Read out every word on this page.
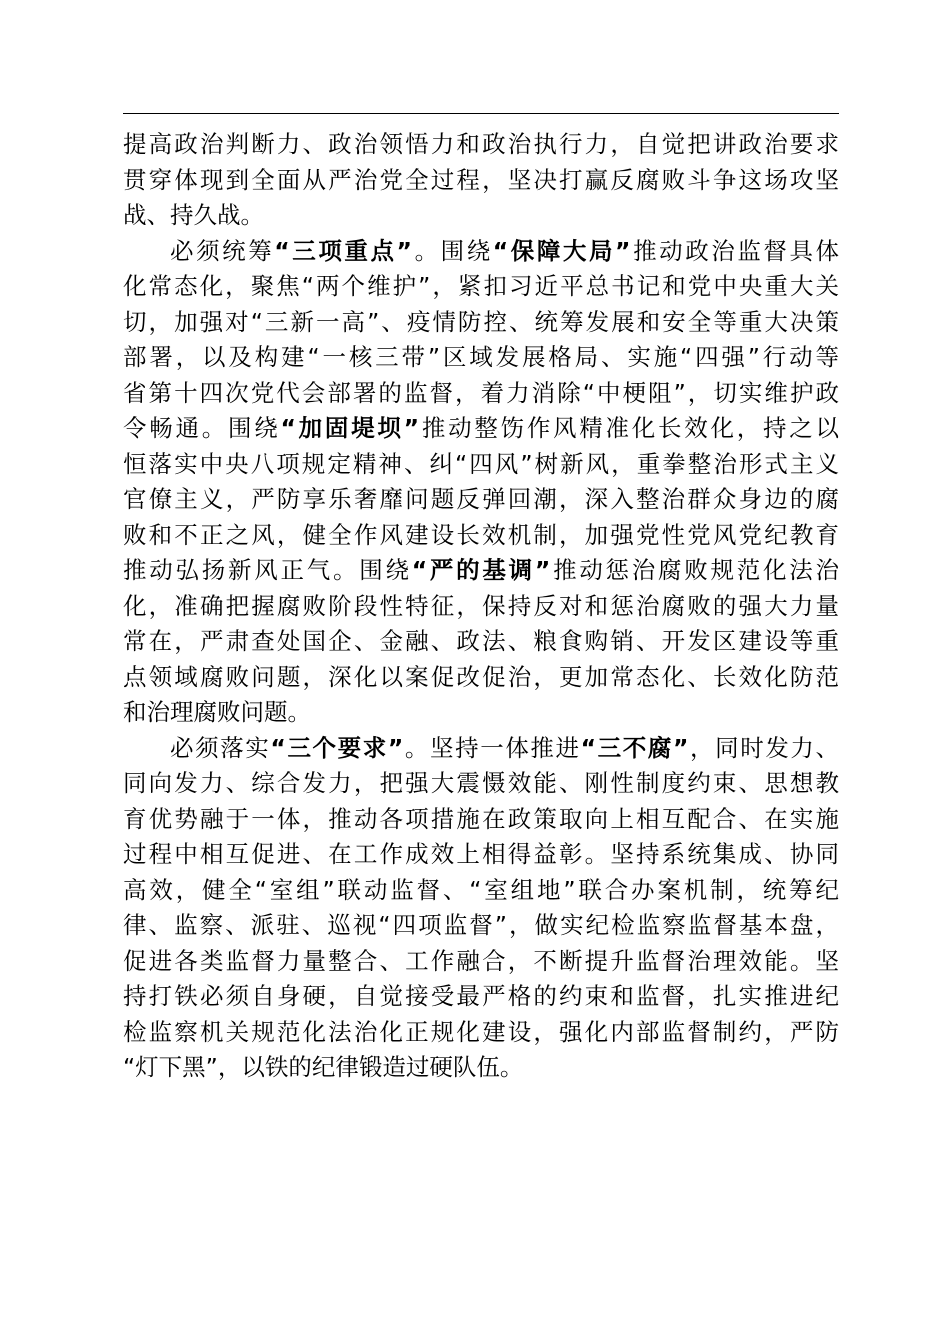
提高政治判断力、政治领悟力和政治执行力，自觉把讲政治要求
贯穿体现到全面从严治党全过程，坚决打赢反腐败斗争这场攻坚
战、持久战。
必须统筹“三项重点”。围绕“保障大局”推动政治监督具体
化常态化，聚焦“两个维护”，紧扣习近平总书记和党中央重大关
切，加强对“三新一高”、疫情防控、统筹发展和安全等重大决策
部署，以及构建“一核三带”区域发展格局、实施“四强”行动等
省第十四次党代会部署的监督，着力消除“中梗阻”，切实维护政
令畅通。围绕“加固堤坝”推动整饬作风精准化长效化，持之以
恒落实中央八项规定精神、纠“四风”树新风，重拳整治形式主义
官僚主义，严防享乐奢靡问题反弹回潮，深入整治群众身边的腐
败和不正之风，健全作风建设长效机制，加强党性党风党纪教育
推动弘扬新风正气。围绕“严的基调”推动惩治腐败规范化法治
化，准确把握腐败阶段性特征，保持反对和惩治腐败的强大力量
常在，严肃查处国企、金融、政法、粮食购销、开发区建设等重
点领域腐败问题，深化以案促改促治，更加常态化、长效化防范
和治理腐败问题。
必须落实“三个要求”。坚持一体推进“三不腐”，同时发力、
同向发力、综合发力，把强大震慑效能、刚性制度约束、思想教
育优势融于一体，推动各项措施在政策取向上相互配合、在实施
过程中相互促进、在工作成效上相得益彰。坚持系统集成、协同
高效，健全“室组”联动监督、“室组地”联合办案机制，统筹纪
律、监察、派驻、巡视“四项监督”，做实纪检监察监督基本盘，
促进各类监督力量整合、工作融合，不断提升监督治理效能。坚
持打铁必须自身硬，自觉接受最严格的约束和监督，扎实推进纪
检监察机关规范化法治化正规化建设，强化内部监督制约，严防
“灯下黑”，以铁的纪律锻造过硬队伍。
